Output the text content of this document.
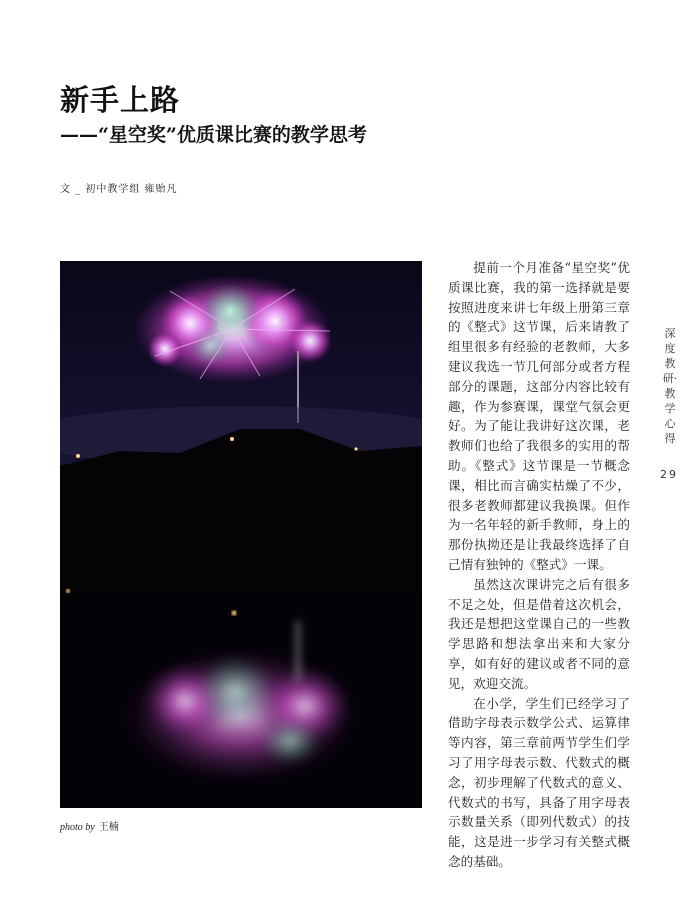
新手上路
——“星空奖”优质课比赛的教学思考
文 _ 初中教学组 雍贻凡
photo by 王楠

提前一个月准备“星空奖”优质课比赛，我的第一选择就是要按照进度来讲七年级上册第三章的《整式》这节课，后来请教了组里很多有经验的老教师，大多建议我选一节几何部分或者方程部分的课题，这部分内容比较有趣，作为参赛课，课堂气氛会更好。为了能让我讲好这次课，老教师们也给了我很多的实用的帮助。《整式》这节课是一节概念课，相比而言确实枯燥了不少，很多老教师都建议我换课。但作为一名年轻的新手教师，身上的那份执拗还是让我最终选择了自己情有独钟的《整式》一课。

虽然这次课讲完之后有很多不足之处，但是借着这次机会，我还是想把这堂课自己的一些教学思路和想法拿出来和大家分享，如有好的建议或者不同的意见，欢迎交流。

在小学，学生们已经学习了借助字母表示数学公式、运算律等内容，第三章前两节学生们学习了用字母表示数、代数式的概念，初步理解了代数式的意义、代数式的书写，具备了用字母表示数量关系（即列代数式）的技能，这是进一步学习有关整式概念的基础。

深度教研·教学心得
29
